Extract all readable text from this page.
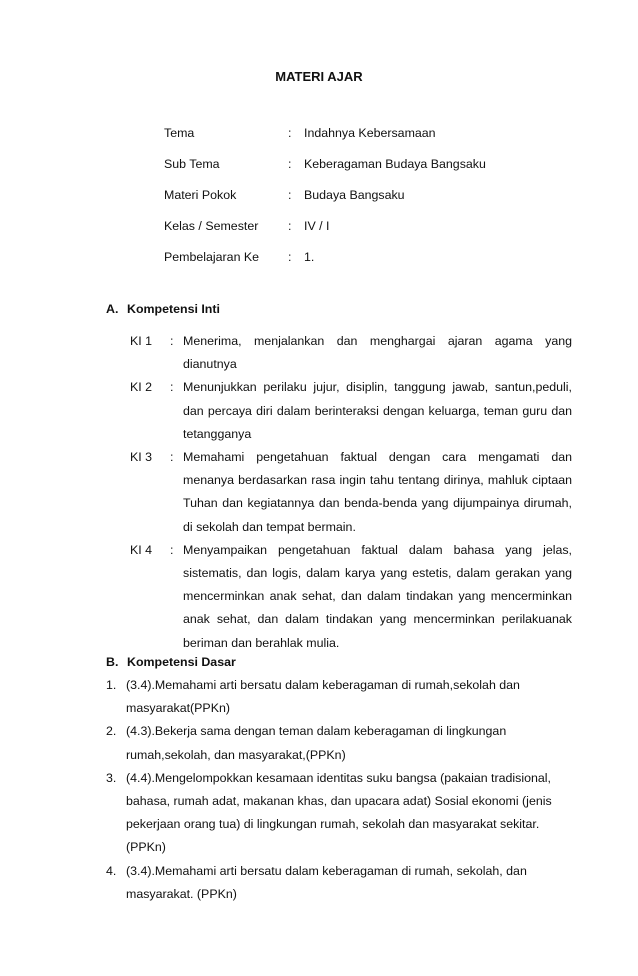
MATERI AJAR
Tema	: Indahnya Kebersamaan
Sub Tema	: Keberagaman Budaya Bangsaku
Materi Pokok	: Budaya Bangsaku
Kelas / Semester : IV / I
Pembelajaran Ke : 1.
A. Kompetensi Inti
KI 1 : Menerima, menjalankan dan menghargai ajaran agama yang dianutnya
KI 2 : Menunjukkan perilaku jujur, disiplin, tanggung jawab, santun,peduli, dan percaya diri dalam berinteraksi dengan keluarga, teman guru dan tetangganya
KI 3 : Memahami pengetahuan faktual dengan cara mengamati dan menanya berdasarkan rasa ingin tahu tentang dirinya, mahluk ciptaan Tuhan dan kegiatannya dan benda-benda yang dijumpainya dirumah, di sekolah dan tempat bermain.
KI 4 : Menyampaikan pengetahuan faktual dalam bahasa yang jelas, sistematis, dan logis, dalam karya yang estetis, dalam gerakan yang mencerminkan anak sehat, dan dalam tindakan yang mencerminkan anak sehat, dan dalam tindakan yang mencerminkan perilakuanak beriman dan berahlak mulia.
B. Kompetensi Dasar
1. (3.4).Memahami arti bersatu dalam keberagaman di rumah,sekolah dan masyarakat(PPKn)
2. (4.3).Bekerja sama dengan teman dalam keberagaman di lingkungan rumah,sekolah, dan masyarakat,(PPKn)
3. (4.4).Mengelompokkan kesamaan identitas suku bangsa (pakaian tradisional, bahasa, rumah adat, makanan khas, dan upacara adat) Sosial ekonomi (jenis pekerjaan orang tua) di lingkungan rumah, sekolah dan masyarakat sekitar. (PPKn)
4. (3.4).Memahami arti bersatu dalam keberagaman di rumah, sekolah, dan masyarakat. (PPKn)
